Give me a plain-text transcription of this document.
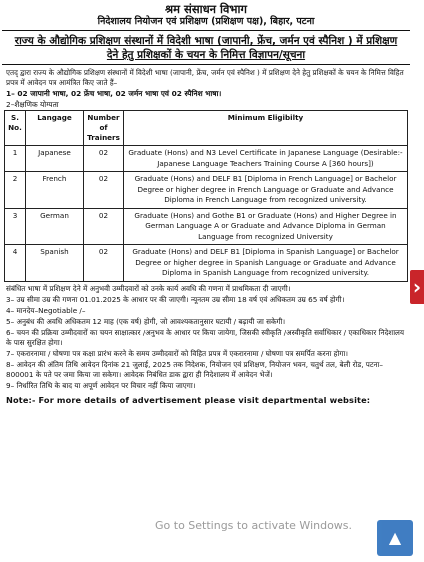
श्रम संसाधन विभाग
निदेशालय नियोजन एवं प्रशिक्षण (प्रशिक्षण पक्ष), बिहार, पटना
राज्य के औद्योगिक प्रशिक्षण संस्थानों में विदेशी भाषा (जापानी, फ्रेंच, जर्मन एवं स्पैनिश ) में प्रशिक्षण देने हेतु प्रशिक्षकों के चयन के निमित्त विज्ञापन/सूचना
एतद् द्वारा राज्य के औद्योगिक प्रशिक्षण संस्थानों में विदेशी भाषा (जापानी, फ्रेंच, जर्मन एवं स्पैनिश ) में प्रशिक्षण देने हेतु प्रशिक्षकों के चयन के निमित्त विहित प्रपत्र में आवेदन पत्र आमंत्रित किए जाते हैं–
1– 02 जापानी भाषा, 02 फ्रेंच भाषा, 02 जर्मन भाषा एवं 02 स्पैनिश भाषा।
2–शैक्षणिक योग्यता
S. No.	Langage	Number of Trainers	Minimum Eligibilty
1	Japanese	02	Graduate (Hons) and N3 Level Certificate in Japanese Language (Desirable:- Japanese Language Teachers Training Course A [360 hours])
2	French	02	Graduate (Hons) and DELF B1 [Diploma in French Language] or Bachelor Degree or higher degree in French Language or Graduate and Advance Diploma in French Language from recognized university.
3	German	02	Graduate (Hons) and Gothe B1 or Graduate (Hons) and Higher Degree in German Language A or Graduate and Advance Diploma in German Language from recognized University
4	Spanish	02	Graduate (Hons) and DELF B1 [Diploma in Spanish Language] or Bachelor Degree or higher degree in Spanish Language or Graduate and Advance Diploma in Spanish Language from recognized university.

संबंधित भाषा में प्रशिक्षण देने में अनुभवी उम्मीदवारों को उनके कार्य अवधि की गणना में प्राथमिकता दी जाएगी।

3– उम्र सीमा उम्र की गणना 01.01.2025 के आधार पर की जाएगी। न्यूनतम उम्र सीमा 18 वर्ष एवं अधिकतम उम्र 65 वर्ष होगी।

4– मानदेय–Negotiable /–

5– अनुबंध की अवधि अधिकतम 12 माह (एक वर्ष) होगी, जो आवश्यकतानुसार घटायी / बढ़ायी जा सकेगी।

6– चयन की प्रक्रिया उम्मीदवारों का चयन साक्षात्कार /अनुभव के आधार पर किया जायेगा, जिसकी स्वीकृति /अस्वीकृति सर्वाधिकार / एकाधिकार निदेशालय के पास सुरक्षित होगा।

7– एकरारनामा / घोषणा पत्र कक्षा प्रारंभ करने के समय उम्मीदवारों को विहित प्रपत्र में एकरारनामा / घोषणा पत्र समर्पित करना होगा।

8– आवेदन की अंतिम तिथि आवेदन दिनांक 21 जुलाई, 2025 तक निदेशक, नियोजन एवं प्रशिक्षण, नियोजन भवन, चतुर्थ तल, बेली रोड, पटना–800001 के पते पर जमा किया जा सकेगा। आवेदक निबंधित डाक द्वारा ही निदेशालय में आवेदन भेजें।

9– निर्धारित तिथि के बाद या अपूर्ण आवेदन पर विचार नहीं किया जाएगा।

Note:- For more details of advertisement please visit departmental website:
Go to Settings to activate Windows.
›
▲
